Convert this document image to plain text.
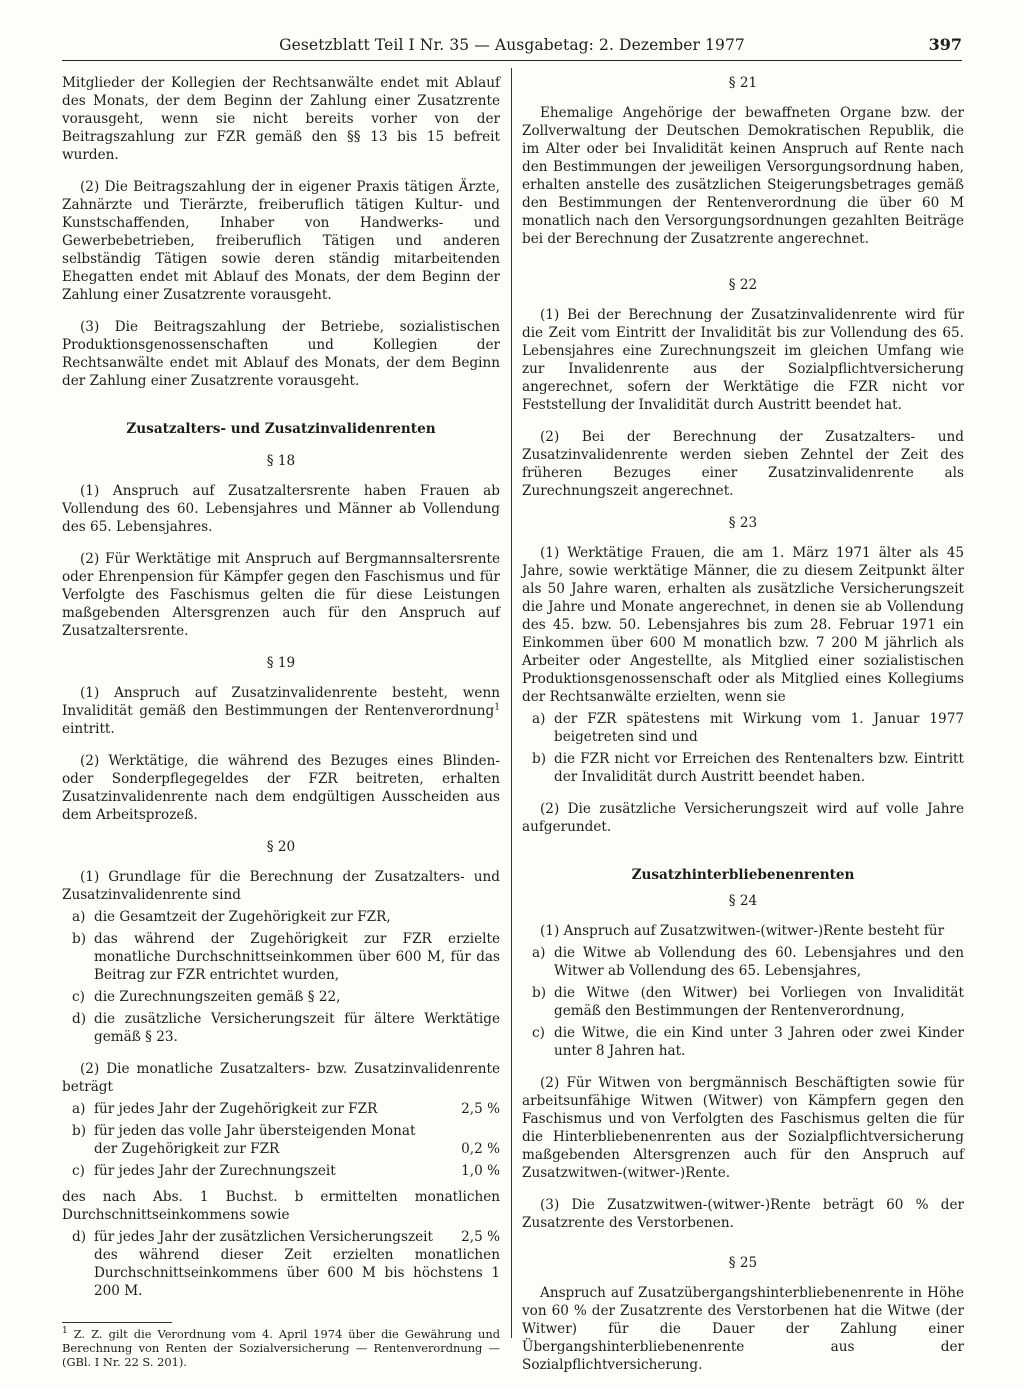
Gesetzblatt Teil I Nr. 35 — Ausgabetag: 2. Dezember 1977	397

Mitglieder der Kollegien der Rechtsanwälte endet mit Ablauf des Monats, der dem Beginn der Zahlung einer Zusatzrente vorausgeht, wenn sie nicht bereits vorher von der Beitragszahlung zur FZR gemäß den §§ 13 bis 15 befreit wurden.

(2) Die Beitragszahlung der in eigener Praxis tätigen Ärzte, Zahnärzte und Tierärzte, freiberuflich tätigen Kultur- und Kunstschaffenden, Inhaber von Handwerks- und Gewerbebetrieben, freiberuflich Tätigen und anderen selbständig Tätigen sowie deren ständig mitarbeitenden Ehegatten endet mit Ablauf des Monats, der dem Beginn der Zahlung einer Zusatzrente vorausgeht.

(3) Die Beitragszahlung der Betriebe, sozialistischen Produktionsgenossenschaften und Kollegien der Rechtsanwälte endet mit Ablauf des Monats, der dem Beginn der Zahlung einer Zusatzrente vorausgeht.

Zusatzalters- und Zusatzinvalidenrenten
§ 18

(1) Anspruch auf Zusatzaltersrente haben Frauen ab Vollendung des 60. Lebensjahres und Männer ab Vollendung des 65. Lebensjahres.

(2) Für Werktätige mit Anspruch auf Bergmannsaltersrente oder Ehrenpension für Kämpfer gegen den Faschismus und für Verfolgte des Faschismus gelten die für diese Leistungen maßgebenden Altersgrenzen auch für den Anspruch auf Zusatzaltersrente.

§ 19

(1) Anspruch auf Zusatzinvalidenrente besteht, wenn Invalidität gemäß den Bestimmungen der Rentenverordnung$^1$ eintritt.

(2) Werktätige, die während des Bezuges eines Blinden- oder Sonderpflegegeldes der FZR beitreten, erhalten Zusatzinvalidenrente nach dem endgültigen Ausscheiden aus dem Arbeitsprozeß.

§ 20

(1) Grundlage für die Berechnung der Zusatzalters- und Zusatzinvalidenrente sind

a) die Gesamtzeit der Zugehörigkeit zur FZR,
b) das während der Zugehörigkeit zur FZR erzielte monatliche Durchschnittseinkommen über 600 M, für das Beitrag zur FZR entrichtet wurden,
c) die Zurechnungszeiten gemäß § 22,
d) die zusätzliche Versicherungszeit für ältere Werktätige gemäß § 23.

(2) Die monatliche Zusatzalters- bzw. Zusatzinvalidenrente beträgt

a) für jedes Jahr der Zugehörigkeit zur FZR	2,5 %
b) für jeden das volle Jahr übersteigenden Monat der Zugehörigkeit zur FZR	0,2 %
c) für jedes Jahr der Zurechnungszeit	1,0 %

des nach Abs. 1 Buchst. b ermittelten monatlichen Durchschnittseinkommens sowie

d) für jedes Jahr der zusätzlichen Versicherungszeit	2,5 %
des während dieser Zeit erzielten monatlichen Durchschnittseinkommens über 600 M bis höchstens 1 200 M.

$^1$ Z. Z. gilt die Verordnung vom 4. April 1974 über die Gewährung und Berechnung von Renten der Sozialversicherung — Rentenverordnung — (GBl. I Nr. 22 S. 201).

§ 21

Ehemalige Angehörige der bewaffneten Organe bzw. der Zollverwaltung der Deutschen Demokratischen Republik, die im Alter oder bei Invalidität keinen Anspruch auf Rente nach den Bestimmungen der jeweiligen Versorgungsordnung haben, erhalten anstelle des zusätzlichen Steigerungsbetrages gemäß den Bestimmungen der Rentenverordnung die über 60 M monatlich nach den Versorgungsordnungen gezahlten Beiträge bei der Berechnung der Zusatzrente angerechnet.

§ 22

(1) Bei der Berechnung der Zusatzinvalidenrente wird für die Zeit vom Eintritt der Invalidität bis zur Vollendung des 65. Lebensjahres eine Zurechnungszeit im gleichen Umfang wie zur Invalidenrente aus der Sozialpflichtversicherung angerechnet, sofern der Werktätige die FZR nicht vor Feststellung der Invalidität durch Austritt beendet hat.

(2) Bei der Berechnung der Zusatzalters- und Zusatzinvalidenrente werden sieben Zehntel der Zeit des früheren Bezuges einer Zusatzinvalidenrente als Zurechnungszeit angerechnet.

§ 23

(1) Werktätige Frauen, die am 1. März 1971 älter als 45 Jahre, sowie werktätige Männer, die zu diesem Zeitpunkt älter als 50 Jahre waren, erhalten als zusätzliche Versicherungszeit die Jahre und Monate angerechnet, in denen sie ab Vollendung des 45. bzw. 50. Lebensjahres bis zum 28. Februar 1971 ein Einkommen über 600 M monatlich bzw. 7 200 M jährlich als Arbeiter oder Angestellte, als Mitglied einer sozialistischen Produktionsgenossenschaft oder als Mitglied eines Kollegiums der Rechtsanwälte erzielten, wenn sie

a) der FZR spätestens mit Wirkung vom 1. Januar 1977 beigetreten sind und
b) die FZR nicht vor Erreichen des Rentenalters bzw. Eintritt der Invalidität durch Austritt beendet haben.

(2) Die zusätzliche Versicherungszeit wird auf volle Jahre aufgerundet.

Zusatzhinterbliebenenrenten
§ 24

(1) Anspruch auf Zusatzwitwen-(witwer-)Rente besteht für

a) die Witwe ab Vollendung des 60. Lebensjahres und den Witwer ab Vollendung des 65. Lebensjahres,
b) die Witwe (den Witwer) bei Vorliegen von Invalidität gemäß den Bestimmungen der Rentenverordnung,
c) die Witwe, die ein Kind unter 3 Jahren oder zwei Kinder unter 8 Jahren hat.

(2) Für Witwen von bergmännisch Beschäftigten sowie für arbeitsunfähige Witwen (Witwer) von Kämpfern gegen den Faschismus und von Verfolgten des Faschismus gelten die für die Hinterbliebenenrenten aus der Sozialpflichtversicherung maßgebenden Altersgrenzen auch für den Anspruch auf Zusatzwitwen-(witwer-)Rente.

(3) Die Zusatzwitwen-(witwer-)Rente beträgt 60 % der Zusatzrente des Verstorbenen.

§ 25

Anspruch auf Zusatzübergangshinterbliebenenrente in Höhe von 60 % der Zusatzrente des Verstorbenen hat die Witwe (der Witwer) für die Dauer der Zahlung einer Übergangshinterbliebenenrente aus der Sozialpflichtversicherung.
